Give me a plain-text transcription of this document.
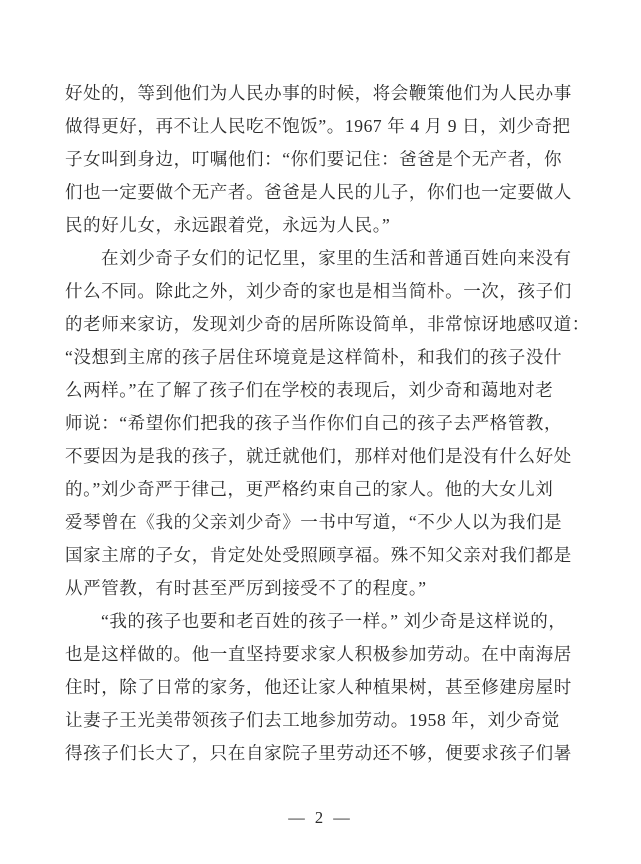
好处的，等到他们为人民办事的时候，将会鞭策他们为人民办事
做得更好，再不让人民吃不饱饭”。1967 年 4 月 9 日，刘少奇把
子女叫到身边，叮嘱他们：“你们要记住：爸爸是个无产者，你
们也一定要做个无产者。爸爸是人民的儿子，你们也一定要做人
民的好儿女，永远跟着党，永远为人民。”
在刘少奇子女们的记忆里，家里的生活和普通百姓向来没有
什么不同。除此之外，刘少奇的家也是相当简朴。一次，孩子们
的老师来家访，发现刘少奇的居所陈设简单，非常惊讶地感叹道：
“没想到主席的孩子居住环境竟是这样简朴，和我们的孩子没什
么两样。”在了解了孩子们在学校的表现后，刘少奇和蔼地对老
师说：“希望你们把我的孩子当作你们自己的孩子去严格管教，
不要因为是我的孩子，就迁就他们，那样对他们是没有什么好处
的。”刘少奇严于律己，更严格约束自己的家人。他的大女儿刘
爱琴曾在《我的父亲刘少奇》一书中写道，“不少人以为我们是
国家主席的子女，肯定处处受照顾享福。殊不知父亲对我们都是
从严管教，有时甚至严厉到接受不了的程度。”
“我的孩子也要和老百姓的孩子一样。” 刘少奇是这样说的，
也是这样做的。他一直坚持要求家人积极参加劳动。在中南海居
住时，除了日常的家务，他还让家人种植果树，甚至修建房屋时
让妻子王光美带领孩子们去工地参加劳动。1958 年，刘少奇觉
得孩子们长大了，只在自家院子里劳动还不够，便要求孩子们暑
— 2 —
